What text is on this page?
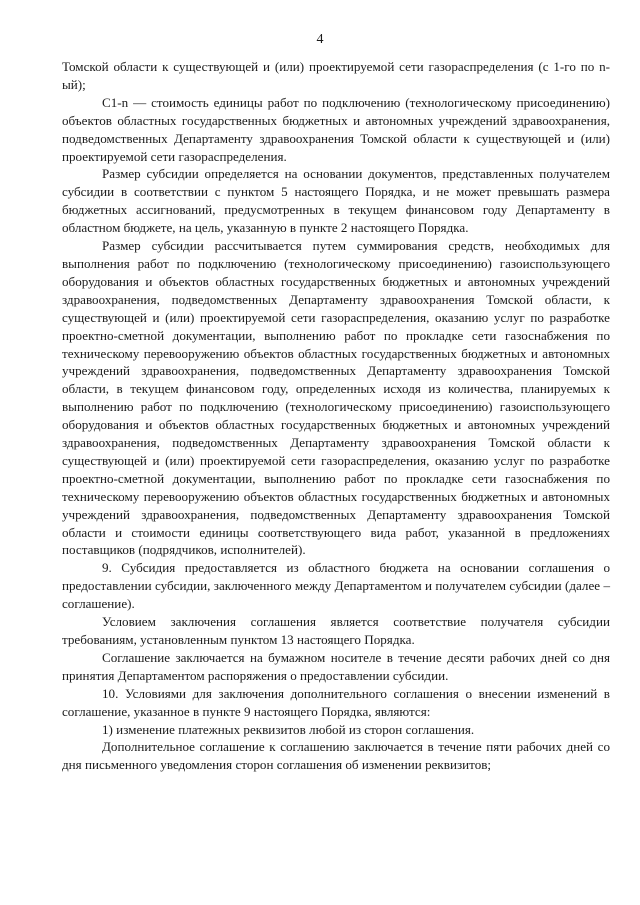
4

Томской области к существующей и (или) проектируемой сети газораспределения (с 1-го по n-ый);

C1-n — стоимость единицы работ по подключению (технологическому присоединению) объектов областных государственных бюджетных и автономных учреждений здравоохранения, подведомственных Департаменту здравоохранения Томской области к существующей и (или) проектируемой сети газораспределения.

Размер субсидии определяется на основании документов, представленных получателем субсидии в соответствии с пунктом 5 настоящего Порядка, и не может превышать размера бюджетных ассигнований, предусмотренных в текущем финансовом году Департаменту в областном бюджете, на цель, указанную в пункте 2 настоящего Порядка.

Размер субсидии рассчитывается путем суммирования средств, необходимых для выполнения работ по подключению (технологическому присоединению) газоиспользующего оборудования и объектов областных государственных бюджетных и автономных учреждений здравоохранения, подведомственных Департаменту здравоохранения Томской области, к существующей и (или) проектируемой сети газораспределения, оказанию услуг по разработке проектно-сметной документации, выполнению работ по прокладке сети газоснабжения по техническому перевооружению объектов областных государственных бюджетных и автономных учреждений здравоохранения, подведомственных Департаменту здравоохранения Томской области, в текущем финансовом году, определенных исходя из количества, планируемых к выполнению работ по подключению (технологическому присоединению) газоиспользующего оборудования и объектов областных государственных бюджетных и автономных учреждений здравоохранения, подведомственных Департаменту здравоохранения Томской области к существующей и (или) проектируемой сети газораспределения, оказанию услуг по разработке проектно-сметной документации, выполнению работ по прокладке сети газоснабжения по техническому перевооружению объектов областных государственных бюджетных и автономных учреждений здравоохранения, подведомственных Департаменту здравоохранения Томской области и стоимости единицы соответствующего вида работ, указанной в предложениях поставщиков (подрядчиков, исполнителей).

9. Субсидия предоставляется из областного бюджета на основании соглашения о предоставлении субсидии, заключенного между Департаментом и получателем субсидии (далее – соглашение).

Условием заключения соглашения является соответствие получателя субсидии требованиям, установленным пунктом 13 настоящего Порядка.

Соглашение заключается на бумажном носителе в течение десяти рабочих дней со дня принятия Департаментом распоряжения о предоставлении субсидии.

10. Условиями для заключения дополнительного соглашения о внесении изменений в соглашение, указанное в пункте 9 настоящего Порядка, являются:

1) изменение платежных реквизитов любой из сторон соглашения.

Дополнительное соглашение к соглашению заключается в течение пяти рабочих дней со дня письменного уведомления сторон соглашения об изменении реквизитов;
